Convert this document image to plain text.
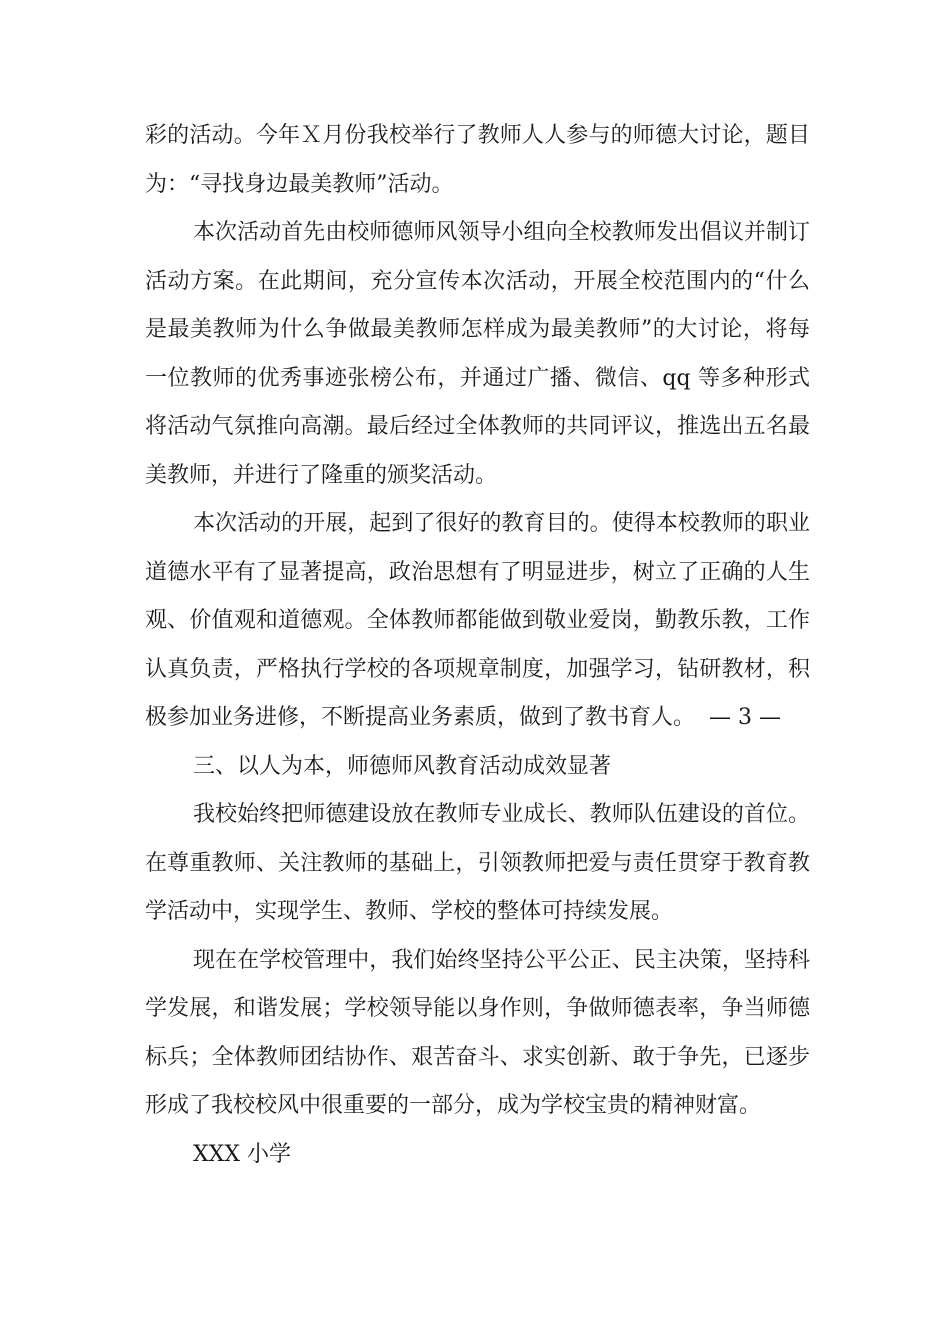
彩的活动。今年Ｘ月份我校举行了教师人人参与的师德大讨论，题目为：“寻找身边最美教师”活动。

本次活动首先由校师德师风领导小组向全校教师发出倡议并制订活动方案。在此期间，充分宣传本次活动，开展全校范围内的“什么是最美教师为什么争做最美教师怎样成为最美教师”的大讨论，将每一位教师的优秀事迹张榜公布，并通过广播、微信、qq 等多种形式将活动气氛推向高潮。最后经过全体教师的共同评议，推选出五名最美教师，并进行了隆重的颁奖活动。

本次活动的开展，起到了很好的教育目的。使得本校教师的职业道德水平有了显著提高，政治思想有了明显进步，树立了正确的人生观、价值观和道德观。全体教师都能做到敬业爱岗，勤教乐教，工作认真负责，严格执行学校的各项规章制度，加强学习，钻研教材，积极参加业务进修，不断提高业务素质，做到了教书育人。 — 3 —

三、以人为本，师德师风教育活动成效显著

我校始终把师德建设放在教师专业成长、教师队伍建设的首位。在尊重教师、关注教师的基础上，引领教师把爱与责任贯穿于教育教学活动中，实现学生、教师、学校的整体可持续发展。

现在在学校管理中，我们始终坚持公平公正、民主决策，坚持科学发展，和谐发展；学校领导能以身作则，争做师德表率，争当师德标兵；全体教师团结协作、艰苦奋斗、求实创新、敢于争先，已逐步形成了我校校风中很重要的一部分，成为学校宝贵的精神财富。

XXX 小学
